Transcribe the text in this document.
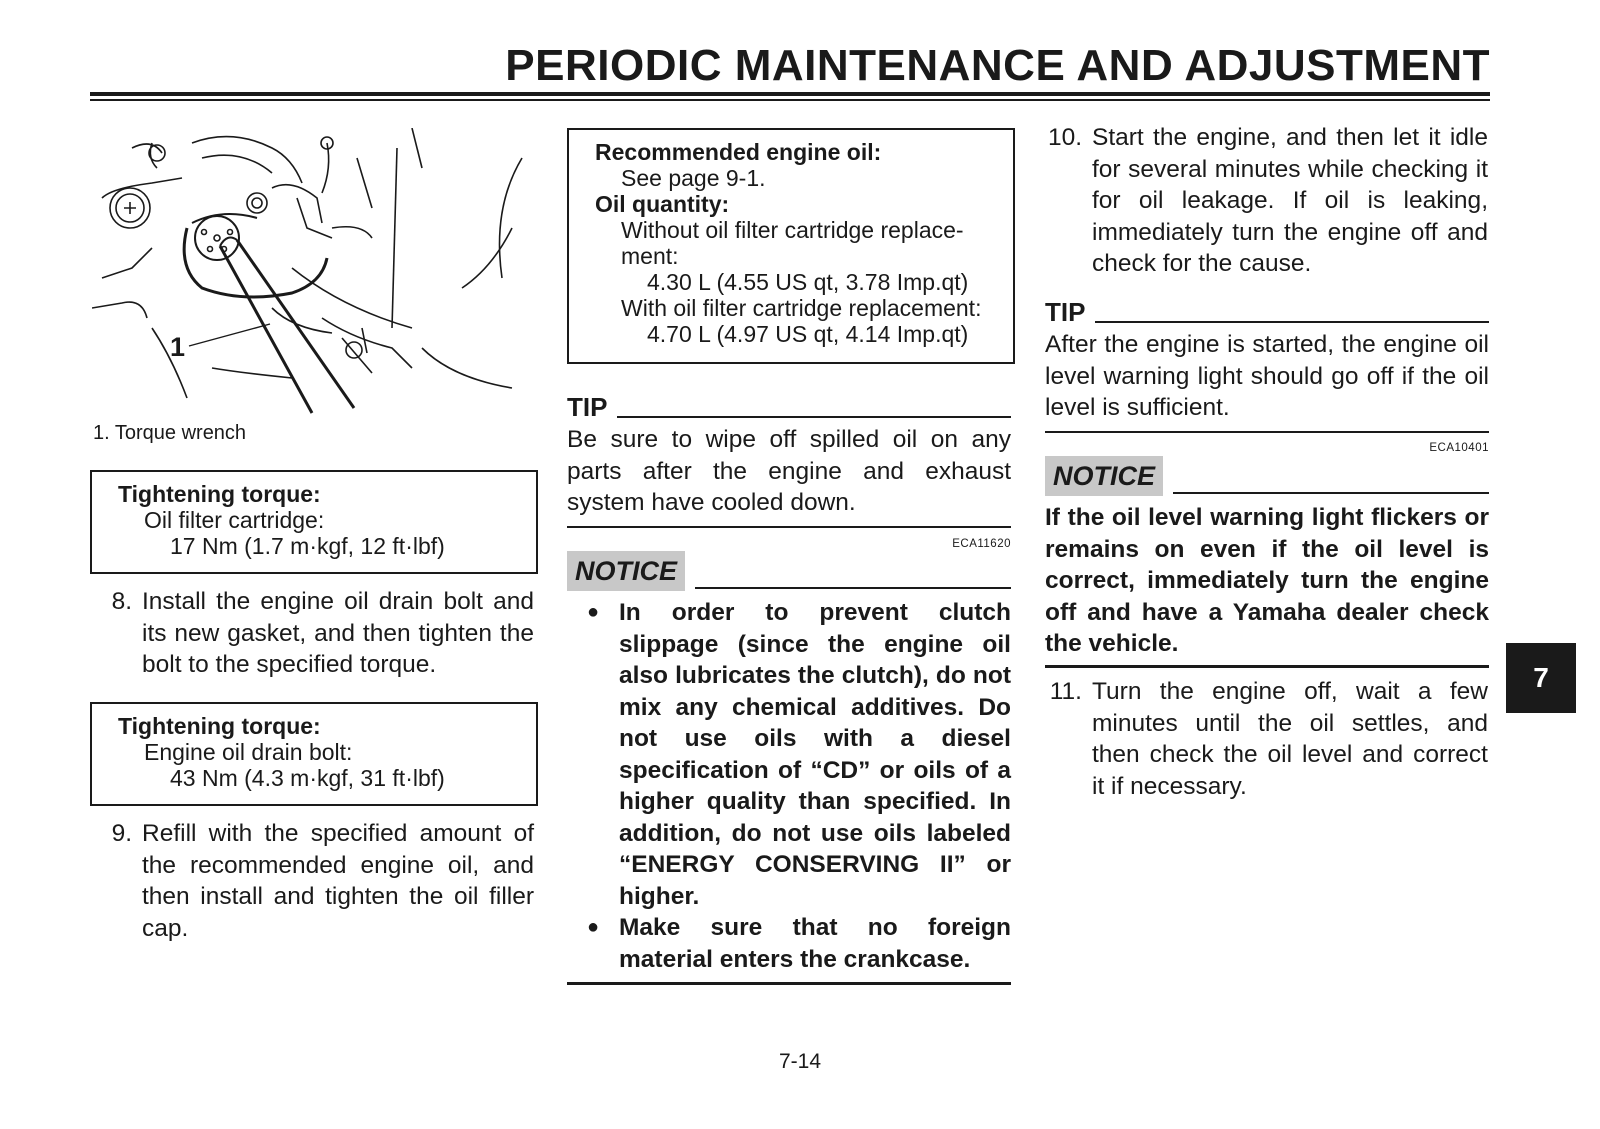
PERIODIC MAINTENANCE AND ADJUSTMENT
1
1. Torque wrench
Tightening torque:
Oil filter cartridge:
17 Nm (1.7 m·kgf, 12 ft·lbf)
8. Install the engine oil drain bolt and its new gasket, and then tighten the bolt to the specified torque.
Tightening torque:
Engine oil drain bolt:
43 Nm (4.3 m·kgf, 31 ft·lbf)
9. Refill with the specified amount of the recommended engine oil, and then install and tighten the oil filler cap.
Recommended engine oil:
See page 9-1.
Oil quantity:
Without oil filter cartridge replace-
ment:
4.30 L (4.55 US qt, 3.78 Imp.qt)
With oil filter cartridge replacement:
4.70 L (4.97 US qt, 4.14 Imp.qt)
TIP
Be sure to wipe off spilled oil on any parts after the engine and exhaust system have cooled down.
ECA11620
NOTICE
● In order to prevent clutch slippage (since the engine oil also lubricates the clutch), do not mix any chemical additives. Do not use oils with a diesel specification of “CD” or oils of a higher quality than specified. In addition, do not use oils labeled “ENERGY CONSERVING II” or higher.
● Make sure that no foreign material enters the crankcase.
10. Start the engine, and then let it idle for several minutes while checking it for oil leakage. If oil is leaking, immediately turn the engine off and check for the cause.
TIP
After the engine is started, the engine oil level warning light should go off if the oil level is sufficient.
ECA10401
NOTICE
If the oil level warning light flickers or remains on even if the oil level is correct, immediately turn the engine off and have a Yamaha dealer check the vehicle.
11. Turn the engine off, wait a few minutes until the oil settles, and then check the oil level and correct it if necessary.
7
7-14
